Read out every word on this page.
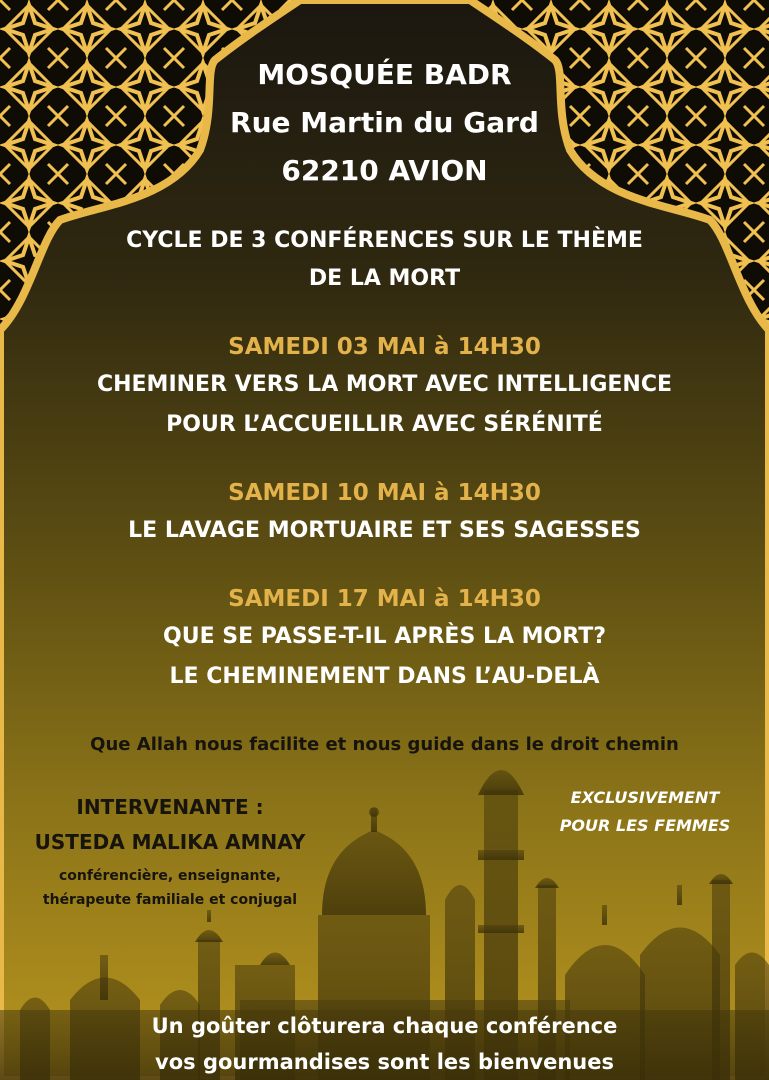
MOSQUÉE BADR

Rue Martin du Gard

62210 AVION

CYCLE DE 3 CONFÉRENCES SUR LE THÈME

DE LA MORT

SAMEDI 03 MAI à 14H30

CHEMINER VERS LA MORT AVEC INTELLIGENCE

POUR L’ACCUEILLIR AVEC SÉRÉNITÉ

SAMEDI 10 MAI à 14H30

LE LAVAGE MORTUAIRE ET SES SAGESSES

SAMEDI 17 MAI à 14H30

QUE SE PASSE-T-IL APRÈS LA MORT?

LE CHEMINEMENT DANS L’AU-DELÀ

Que Allah nous facilite et nous guide dans le droit chemin

INTERVENANTE :

USTEDA MALIKA AMNAY

conférencière, enseignante,

thérapeute familiale et conjugal

EXCLUSIVEMENT

POUR LES FEMMES

Un goûter clôturera chaque conférence

vos gourmandises sont les bienvenues
